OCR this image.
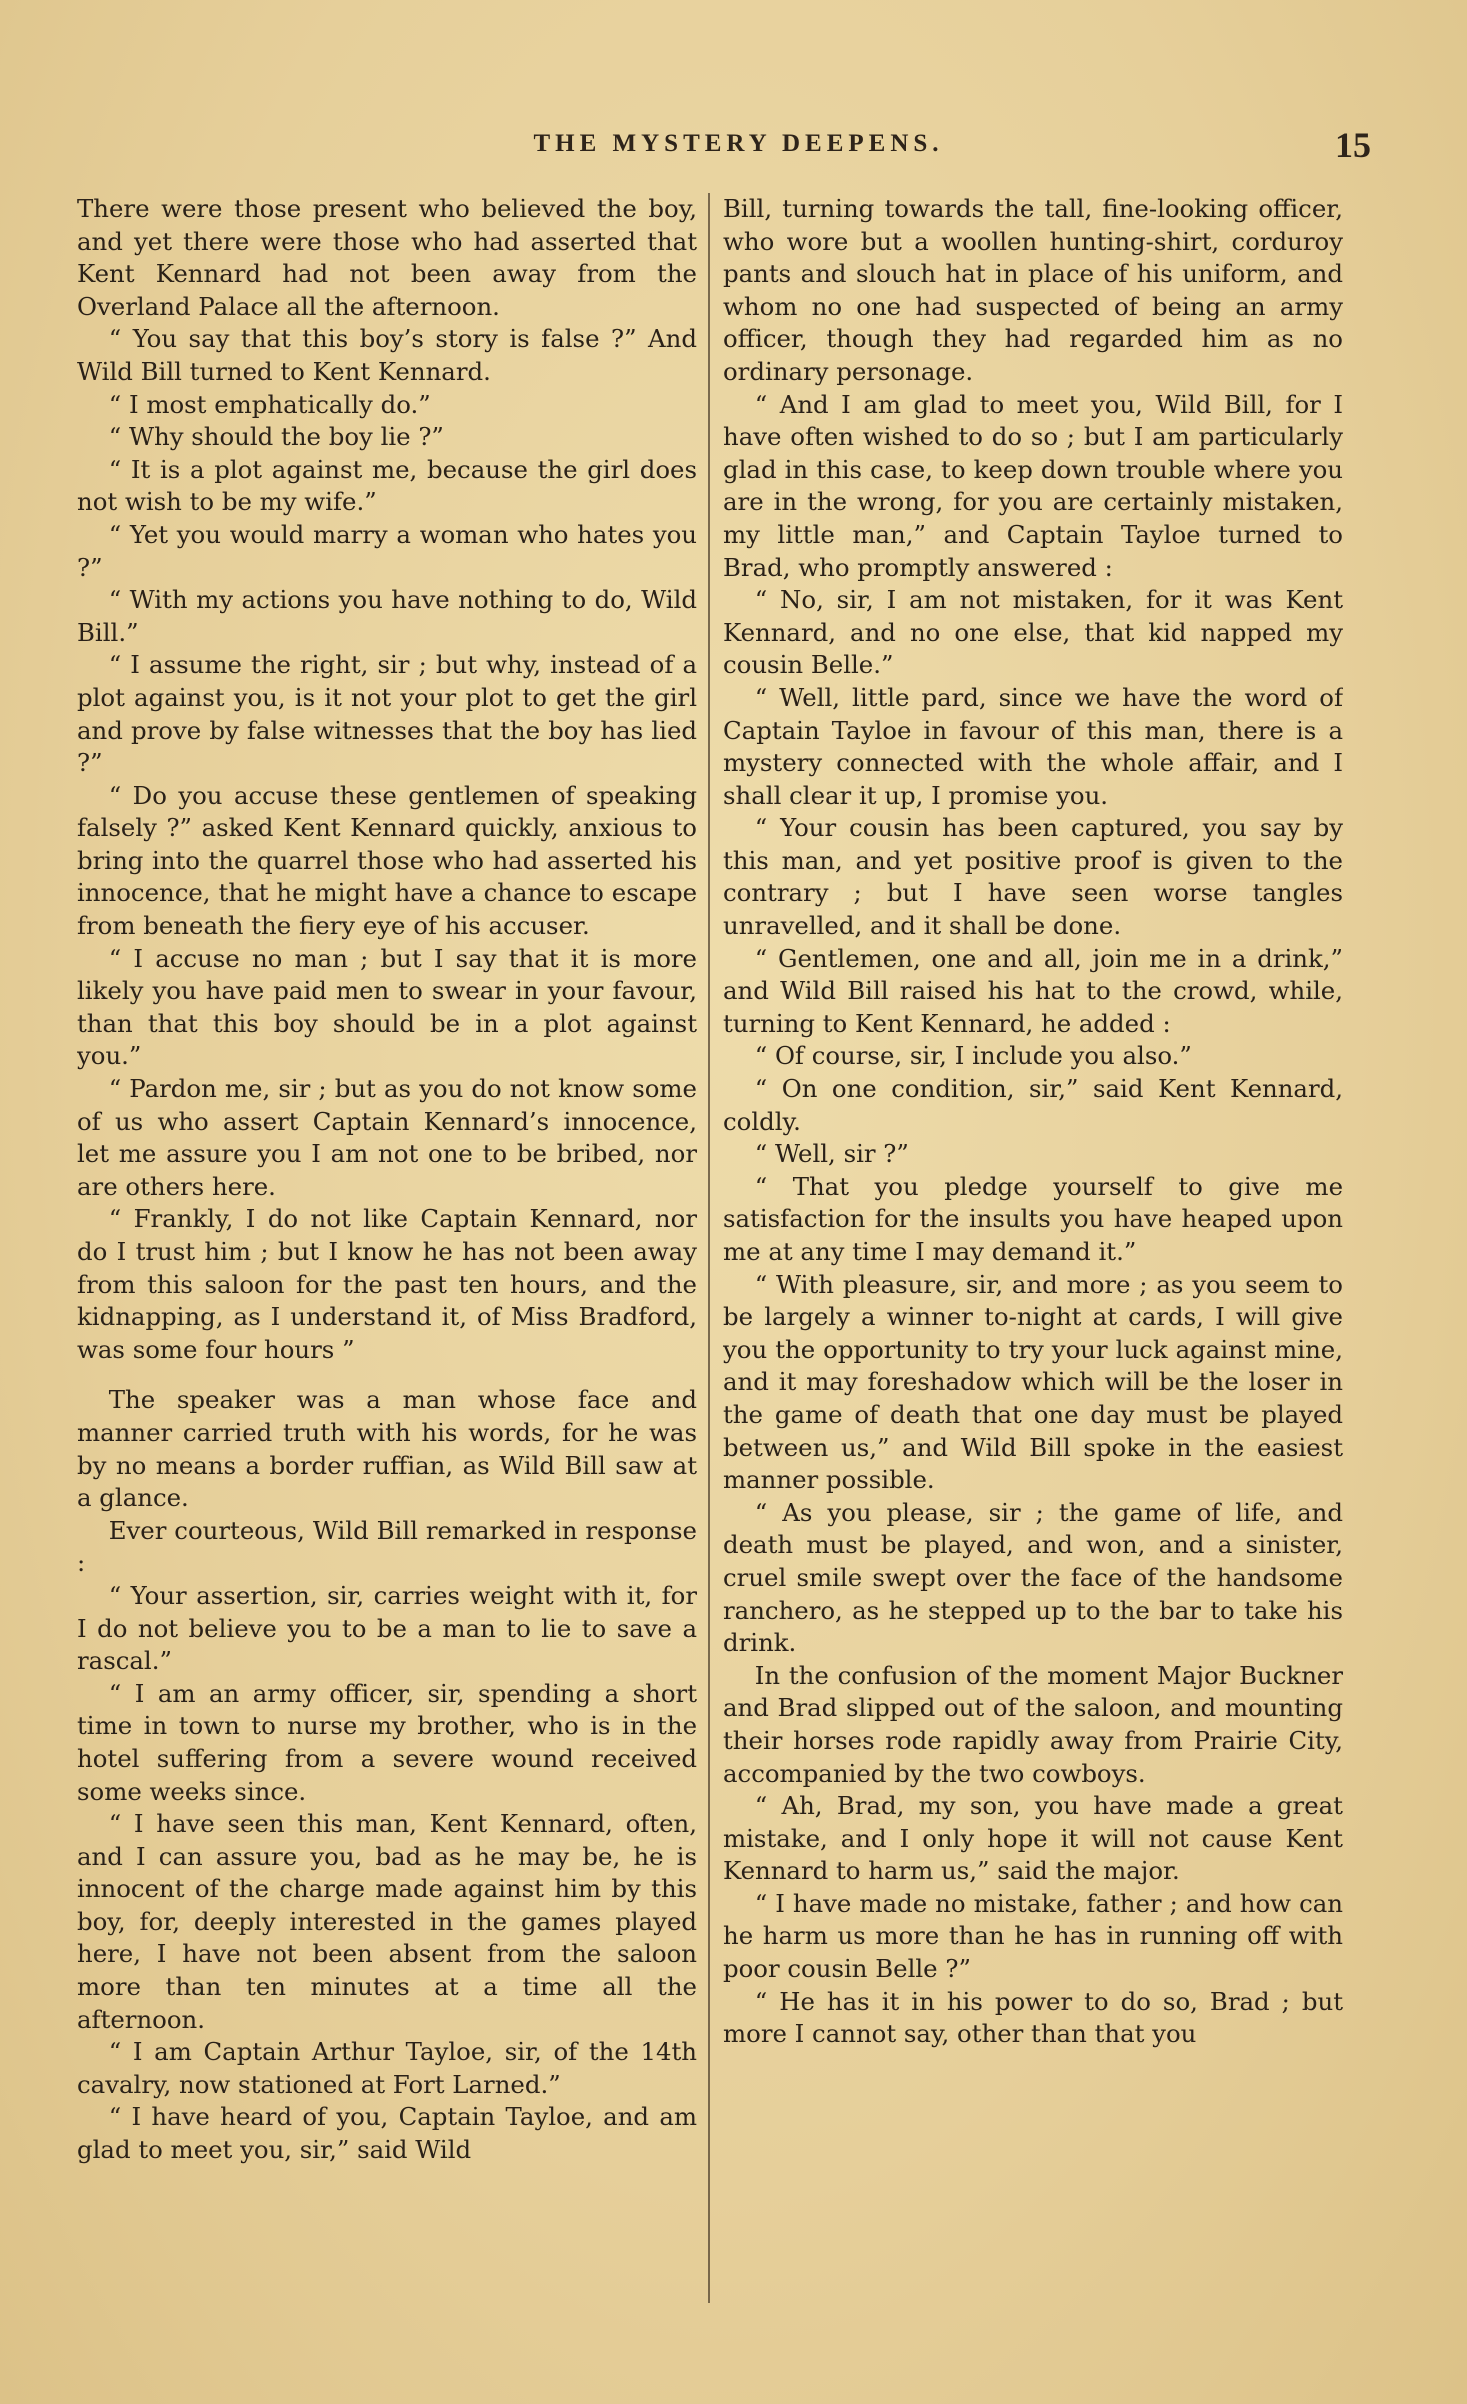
THE MYSTERY DEEPENS.	15

There were those present who believed the boy, and yet there were those who had asserted that Kent Kennard had not been away from the Overland Palace all the afternoon.

“ You say that this boy’s story is false ?” And Wild Bill turned to Kent Kennard.

“ I most emphatically do.”

“ Why should the boy lie ?”

“ It is a plot against me, because the girl does not wish to be my wife.”

“ Yet you would marry a woman who hates you ?”

“ With my actions you have nothing to do, Wild Bill.”

“ I assume the right, sir ; but why, instead of a plot against you, is it not your plot to get the girl and prove by false witnesses that the boy has lied ?”

“ Do you accuse these gentlemen of speaking falsely ?” asked Kent Kennard quickly, anxious to bring into the quarrel those who had asserted his innocence, that he might have a chance to escape from beneath the fiery eye of his accuser.

“ I accuse no man ; but I say that it is more likely you have paid men to swear in your favour, than that this boy should be in a plot against you.”

“ Pardon me, sir ; but as you do not know some of us who assert Captain Kennard’s innocence, let me assure you I am not one to be bribed, nor are others here.

“ Frankly, I do not like Captain Kennard, nor do I trust him ; but I know he has not been away from this saloon for the past ten hours, and the kidnapping, as I understand it, of Miss Bradford, was some four hours ”

The speaker was a man whose face and manner carried truth with his words, for he was by no means a border ruffian, as Wild Bill saw at a glance.

Ever courteous, Wild Bill remarked in response :

“ Your assertion, sir, carries weight with it, for I do not believe you to be a man to lie to save a rascal.”

“ I am an army officer, sir, spending a short time in town to nurse my brother, who is in the hotel suffering from a severe wound received some weeks since.

“ I have seen this man, Kent Kennard, often, and I can assure you, bad as he may be, he is innocent of the charge made against him by this boy, for, deeply interested in the games played here, I have not been absent from the saloon more than ten minutes at a time all the afternoon.

“ I am Captain Arthur Tayloe, sir, of the 14th cavalry, now stationed at Fort Larned.”

“ I have heard of you, Captain Tayloe, and am glad to meet you, sir,” said Wild

Bill, turning towards the tall, fine-looking officer, who wore but a woollen hunting-shirt, corduroy pants and slouch hat in place of his uniform, and whom no one had suspected of being an army officer, though they had regarded him as no ordinary personage.

“ And I am glad to meet you, Wild Bill, for I have often wished to do so ; but I am particularly glad in this case, to keep down trouble where you are in the wrong, for you are certainly mistaken, my little man,” and Captain Tayloe turned to Brad, who promptly answered :

“ No, sir, I am not mistaken, for it was Kent Kennard, and no one else, that kid napped my cousin Belle.”

“ Well, little pard, since we have the word of Captain Tayloe in favour of this man, there is a mystery connected with the whole affair, and I shall clear it up, I promise you.

“ Your cousin has been captured, you say by this man, and yet positive proof is given to the contrary ; but I have seen worse tangles unravelled, and it shall be done.

“ Gentlemen, one and all, join me in a drink,” and Wild Bill raised his hat to the crowd, while, turning to Kent Kennard, he added :

“ Of course, sir, I include you also.”

“ On one condition, sir,” said Kent Kennard, coldly.

“ Well, sir ?”

“ That you pledge yourself to give me satisfaction for the insults you have heaped upon me at any time I may demand it.”

“ With pleasure, sir, and more ; as you seem to be largely a winner to-night at cards, I will give you the opportunity to try your luck against mine, and it may foreshadow which will be the loser in the game of death that one day must be played between us,” and Wild Bill spoke in the easiest manner possible.

“ As you please, sir ; the game of life, and death must be played, and won, and a sinister, cruel smile swept over the face of the handsome ranchero, as he stepped up to the bar to take his drink.

In the confusion of the moment Major Buckner and Brad slipped out of the saloon, and mounting their horses rode rapidly away from Prairie City, accompanied by the two cowboys.

“ Ah, Brad, my son, you have made a great mistake, and I only hope it will not cause Kent Kennard to harm us,” said the major.

“ I have made no mistake, father ; and how can he harm us more than he has in running off with poor cousin Belle ?”

“ He has it in his power to do so, Brad ; but more I cannot say, other than that you
